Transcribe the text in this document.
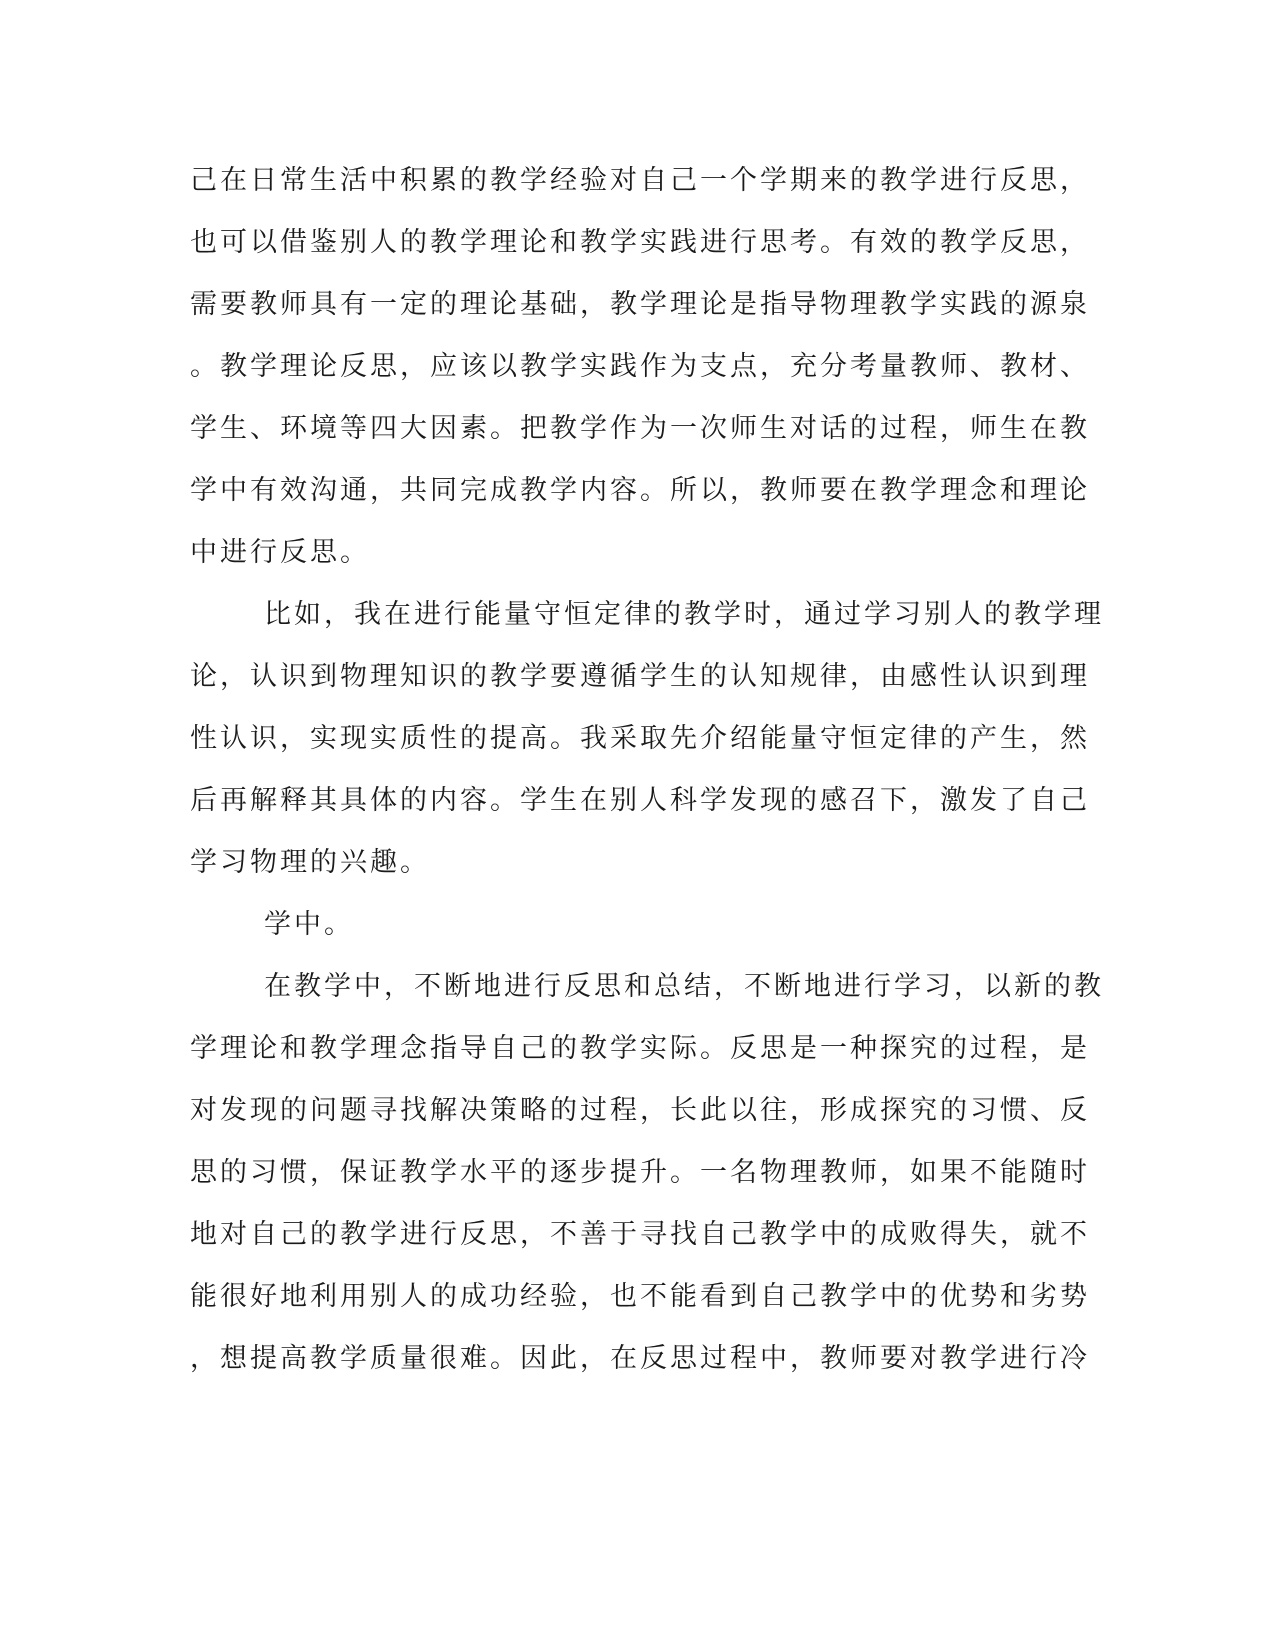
己在日常生活中积累的教学经验对自己一个学期来的教学进行反思，
也可以借鉴别人的教学理论和教学实践进行思考。有效的教学反思，
需要教师具有一定的理论基础，教学理论是指导物理教学实践的源泉
。教学理论反思，应该以教学实践作为支点，充分考量教师、教材、
学生、环境等四大因素。把教学作为一次师生对话的过程，师生在教
学中有效沟通，共同完成教学内容。所以，教师要在教学理念和理论
中进行反思。
比如，我在进行能量守恒定律的教学时，通过学习别人的教学理
论，认识到物理知识的教学要遵循学生的认知规律，由感性认识到理
性认识，实现实质性的提高。我采取先介绍能量守恒定律的产生，然
后再解释其具体的内容。学生在别人科学发现的感召下，激发了自己
学习物理的兴趣。
学中。
在教学中，不断地进行反思和总结，不断地进行学习，以新的教
学理论和教学理念指导自己的教学实际。反思是一种探究的过程，是
对发现的问题寻找解决策略的过程，长此以往，形成探究的习惯、反
思的习惯，保证教学水平的逐步提升。一名物理教师，如果不能随时
地对自己的教学进行反思，不善于寻找自己教学中的成败得失，就不
能很好地利用别人的成功经验，也不能看到自己教学中的优势和劣势
，想提高教学质量很难。因此，在反思过程中，教师要对教学进行冷
